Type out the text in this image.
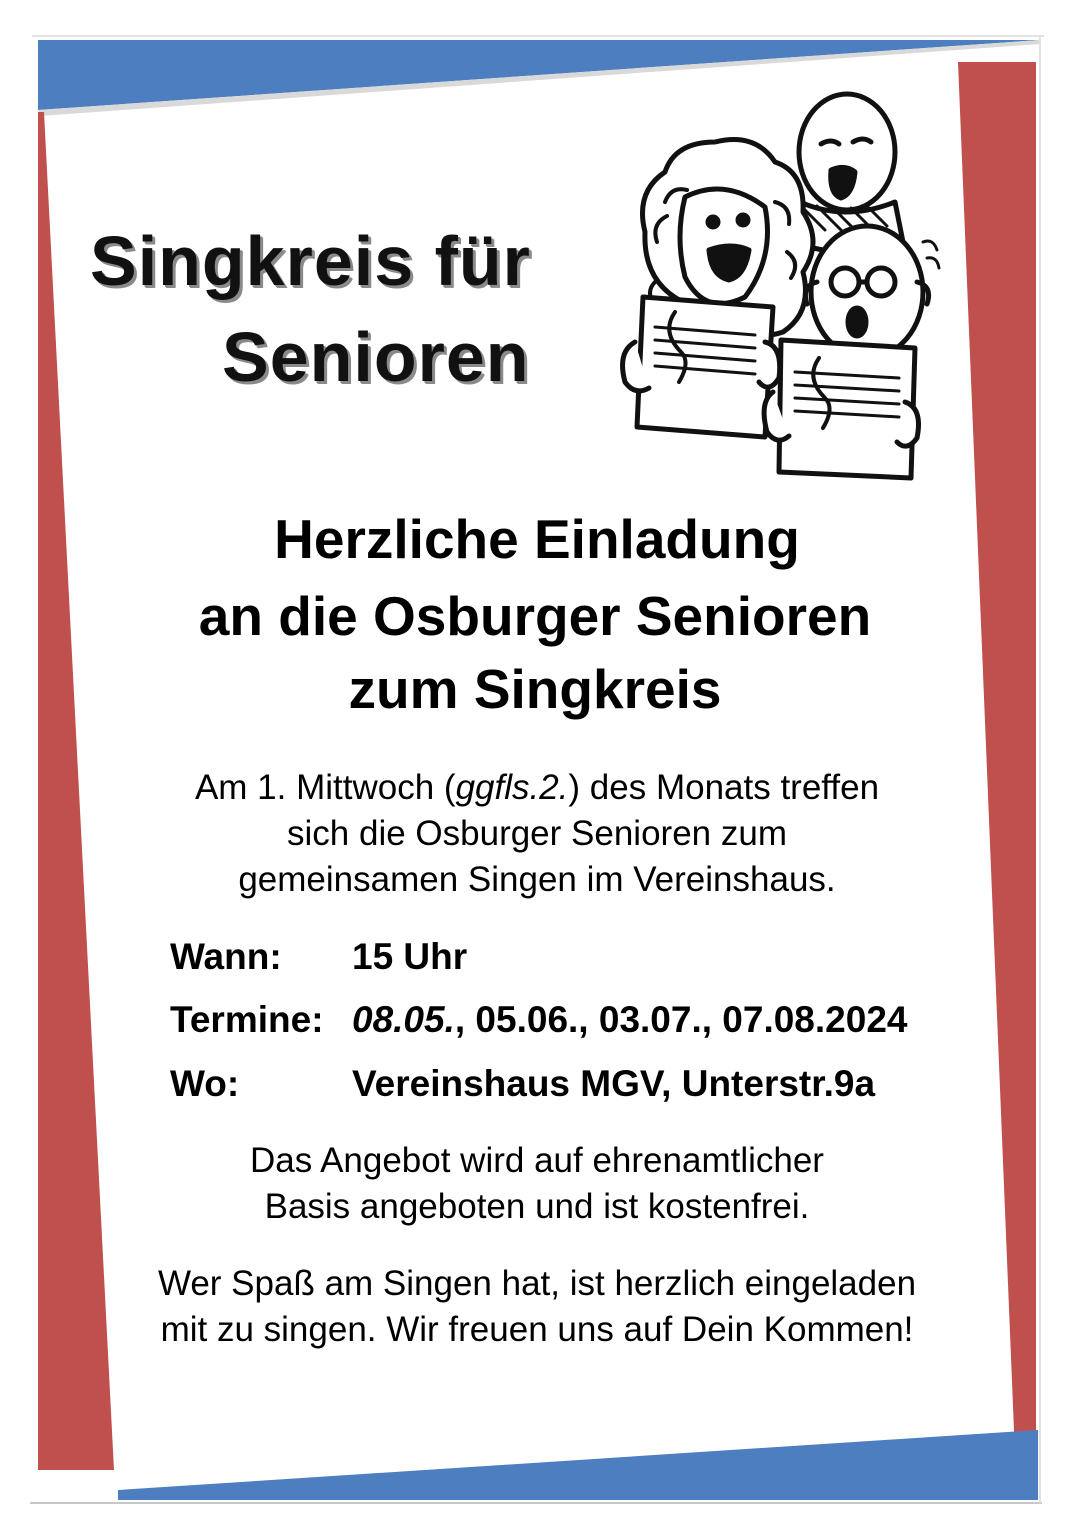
Singkreis für
Senioren
Herzliche Einladung
an die Osburger Senioren
zum Singkreis
Am 1. Mittwoch (ggfls.2.) des Monats treffen
sich die Osburger Senioren zum
gemeinsamen Singen im Vereinshaus.
Wann: 15 Uhr
Termine: 08.05., 05.06., 03.07., 07.08.2024
Wo:	Vereinshaus MGV, Unterstr.9a
Das Angebot wird auf ehrenamtlicher
Basis angeboten und ist kostenfrei.
Wer Spaß am Singen hat, ist herzlich eingeladen
mit zu singen. Wir freuen uns auf Dein Kommen!
